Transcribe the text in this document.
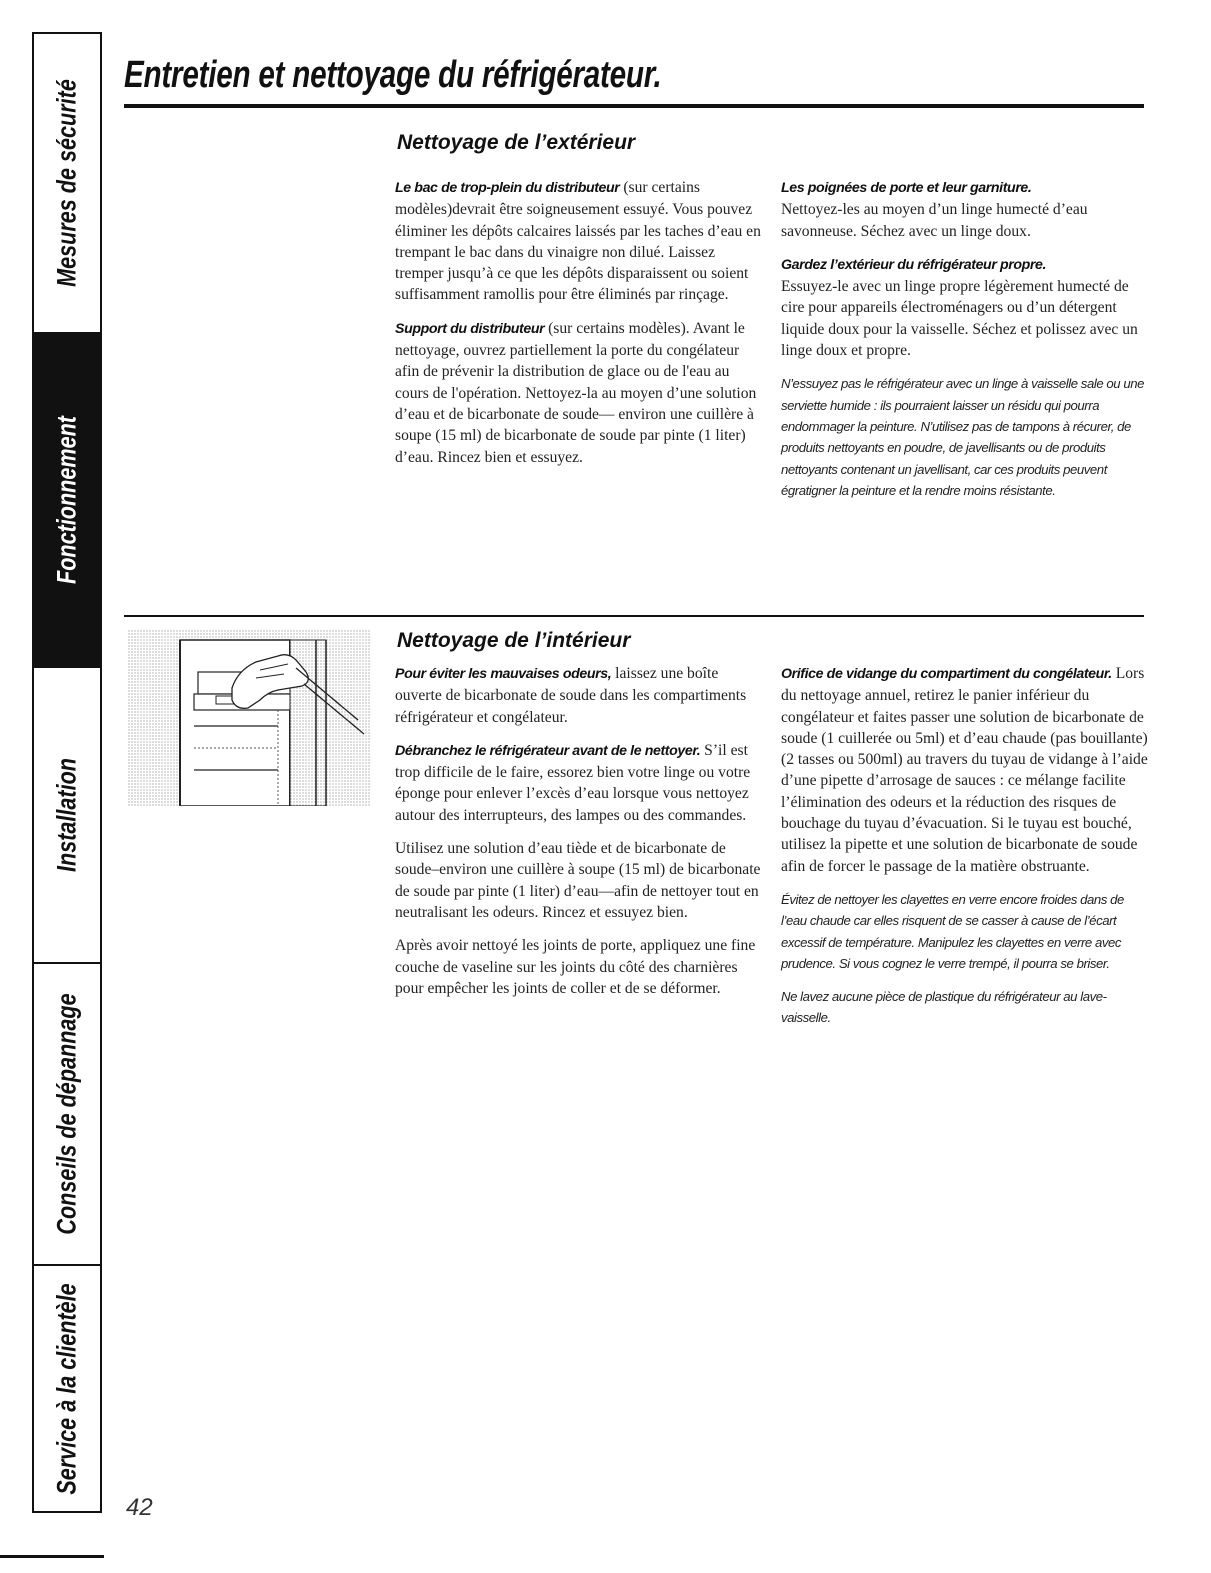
Mesures de sécurité
Fonctionnement
Installation
Conseils de dépannage
Service à la clientèle
Entretien et nettoyage du réfrigérateur.
Nettoyage de l’extérieur

Le bac de trop-plein du distributeur (sur certains modèles)devrait être soigneusement essuyé. Vous pouvez éliminer les dépôts calcaires laissés par les taches d’eau en trempant le bac dans du vinaigre non dilué. Laissez tremper jusqu’à ce que les dépôts disparaissent ou soient suffisamment ramollis pour être éliminés par rinçage.

Support du distributeur (sur certains modèles). Avant le nettoyage, ouvrez partiellement la porte du congélateur afin de prévenir la distribution de glace ou de l'eau au cours de l'opération. Nettoyez-la au moyen d’une solution d’eau et de bicarbonate de soude— environ une cuillère à soupe (15 ml) de bicarbonate de soude par pinte (1 liter) d’eau. Rincez bien et essuyez.

Les poignées de porte et leur garniture.
Nettoyez-les au moyen d’un linge humecté d’eau savonneuse. Séchez avec un linge doux.

Gardez l’extérieur du réfrigérateur propre.
Essuyez-le avec un linge propre légèrement humecté de cire pour appareils électroménagers ou d’un détergent liquide doux pour la vaisselle. Séchez et polissez avec un linge doux et propre.

N’essuyez pas le réfrigérateur avec un linge à vaisselle sale ou une serviette humide : ils pourraient laisser un résidu qui pourra endommager la peinture. N’utilisez pas de tampons à récurer, de produits nettoyants en poudre, de javellisants ou de produits nettoyants contenant un javellisant, car ces produits peuvent égratigner la peinture et la rendre moins résistante.

Nettoyage de l’intérieur

Pour éviter les mauvaises odeurs, laissez une boîte ouverte de bicarbonate de soude dans les compartiments réfrigérateur et congélateur.

Débranchez le réfrigérateur avant de le nettoyer. S’il est trop difficile de le faire, essorez bien votre linge ou votre éponge pour enlever l’excès d’eau lorsque vous nettoyez autour des interrupteurs, des lampes ou des commandes.

Utilisez une solution d’eau tiède et de bicarbonate de soude–environ une cuillère à soupe (15 ml) de bicarbonate de soude par pinte (1 liter) d’eau—afin de nettoyer tout en neutralisant les odeurs. Rincez et essuyez bien.

Après avoir nettoyé les joints de porte, appliquez une fine couche de vaseline sur les joints du côté des charnières pour empêcher les joints de coller et de se déformer.

Orifice de vidange du compartiment du congélateur. Lors du nettoyage annuel, retirez le panier inférieur du congélateur et faites passer une solution de bicarbonate de soude (1 cuillerée ou 5ml) et d’eau chaude (pas bouillante) (2 tasses ou 500ml) au travers du tuyau de vidange à l’aide d’une pipette d’arrosage de sauces : ce mélange facilite l’élimination des odeurs et la réduction des risques de bouchage du tuyau d’évacuation. Si le tuyau est bouché, utilisez la pipette et une solution de bicarbonate de soude afin de forcer le passage de la matière obstruante.

Évitez de nettoyer les clayettes en verre encore froides dans de l’eau chaude car elles risquent de se casser à cause de l’écart excessif de température. Manipulez les clayettes en verre avec prudence. Si vous cognez le verre trempé, il pourra se briser.

Ne lavez aucune pièce de plastique du réfrigérateur au lave-vaisselle.

42
